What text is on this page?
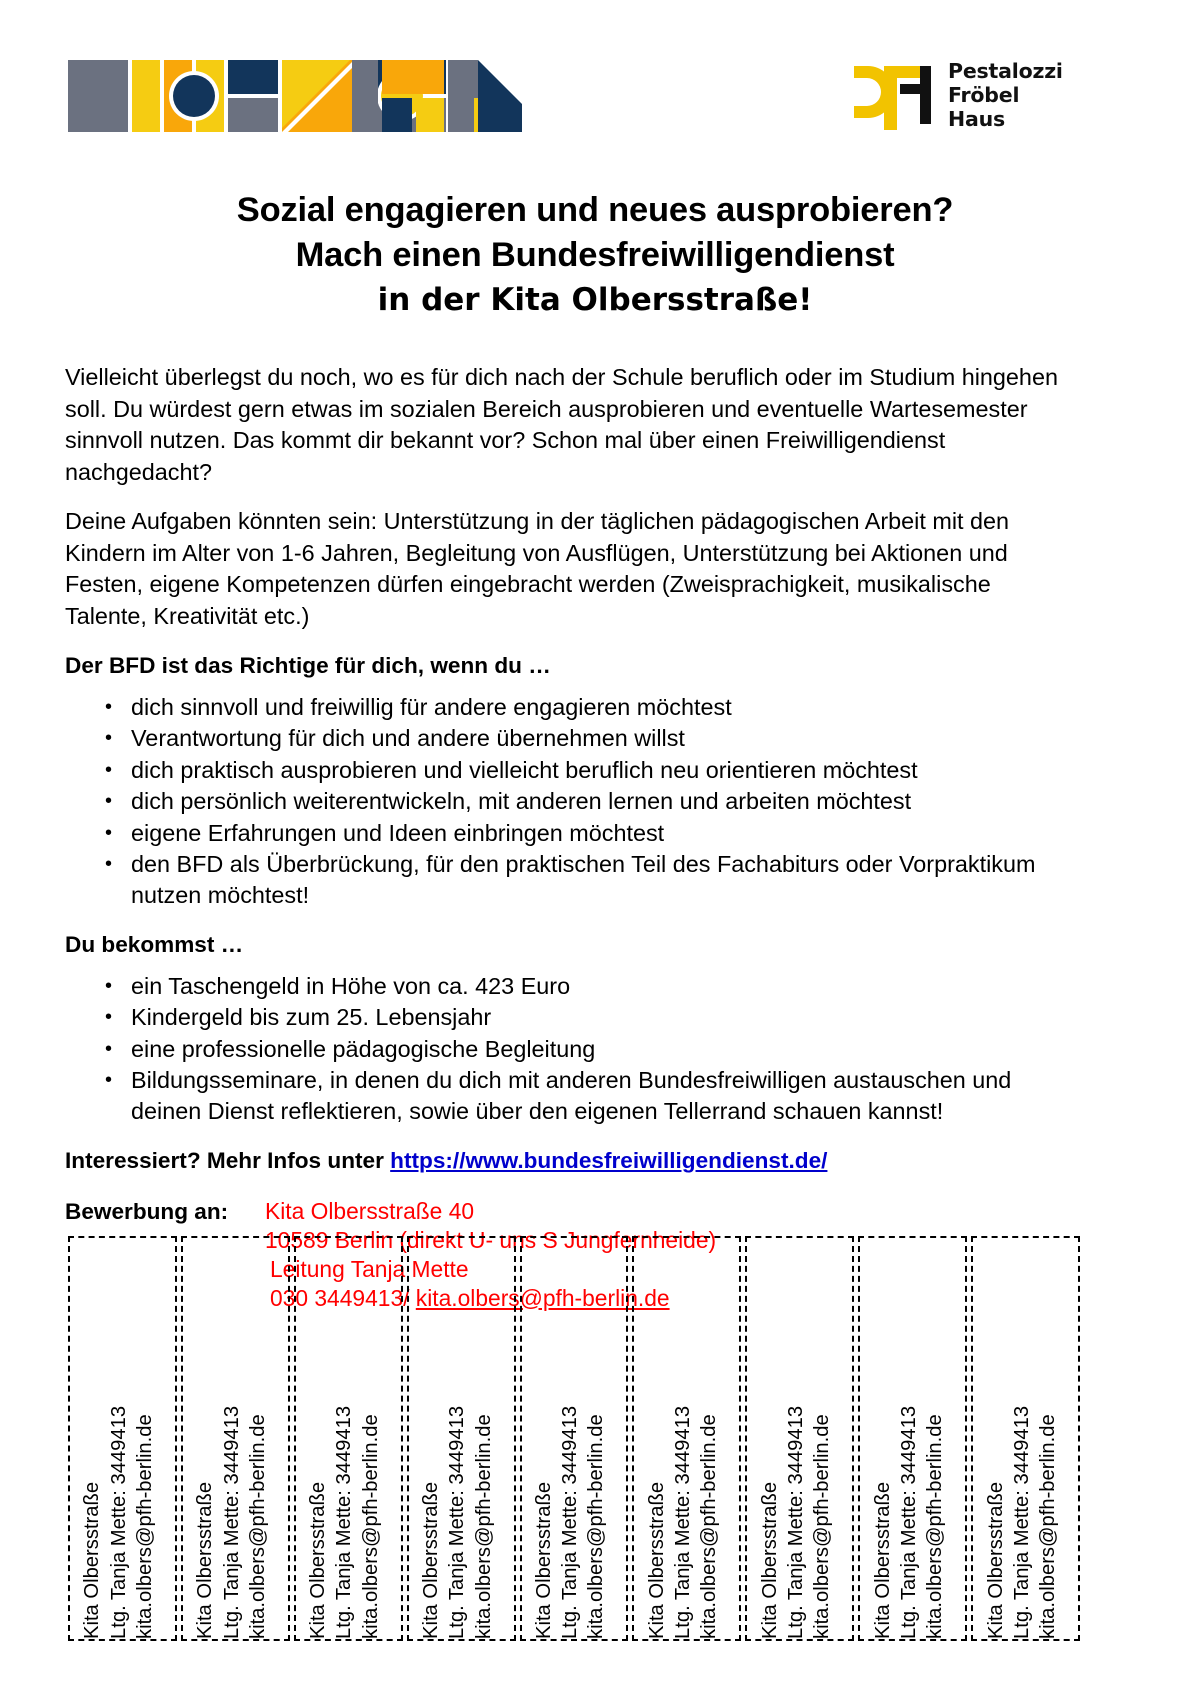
Pestalozzi
Fröbel
Haus
Sozial engagieren und neues ausprobieren?
Mach einen Bundesfreiwilligendienst
in der Kita Olbersstraße!

Vielleicht überlegst du noch, wo es für dich nach der Schule beruflich oder im Studium hingehen soll. Du würdest gern etwas im sozialen Bereich ausprobieren und eventuelle Wartesemester sinnvoll nutzen. Das kommt dir bekannt vor? Schon mal über einen Freiwilligendienst nachgedacht?

Deine Aufgaben könnten sein: Unterstützung in der täglichen pädagogischen Arbeit mit den Kindern im Alter von 1-6 Jahren, Begleitung von Ausflügen, Unterstützung bei Aktionen und Festen, eigene Kompetenzen dürfen eingebracht werden (Zweisprachigkeit, musikalische Talente, Kreativität etc.)

Der BFD ist das Richtige für dich, wenn du …

• dich sinnvoll und freiwillig für andere engagieren möchtest
• Verantwortung für dich und andere übernehmen willst
• dich praktisch ausprobieren und vielleicht beruflich neu orientieren möchtest
• dich persönlich weiterentwickeln, mit anderen lernen und arbeiten möchtest
• eigene Erfahrungen und Ideen einbringen möchtest
• den BFD als Überbrückung, für den praktischen Teil des Fachabiturs oder Vorpraktikum nutzen möchtest!

Du bekommst …

• ein Taschengeld in Höhe von ca. 423 Euro
• Kindergeld bis zum 25. Lebensjahr
• eine professionelle pädagogische Begleitung
• Bildungsseminare, in denen du dich mit anderen Bundesfreiwilligen austauschen und deinen Dienst reflektieren, sowie über den eigenen Tellerrand schauen kannst!

Interessiert? Mehr Infos unter https://www.bundesfreiwilligendienst.de/

Bewerbung an:	Kita Olbersstraße 40
10589 Berlin (direkt U- uns S Jungfernheide)
Leitung Tanja Mette
030 3449413/ kita.olbers@pfh-berlin.de
Kita Olbersstraße Ltg. Tanja Mette: 3449413 kita.olbers@pfh-berlin.de Kita Olbersstraße Ltg. Tanja Mette: 3449413 kita.olbers@pfh-berlin.de Kita Olbersstraße Ltg. Tanja Mette: 3449413 kita.olbers@pfh-berlin.de Kita Olbersstraße Ltg. Tanja Mette: 3449413 kita.olbers@pfh-berlin.de Kita Olbersstraße Ltg. Tanja Mette: 3449413 kita.olbers@pfh-berlin.de Kita Olbersstraße Ltg. Tanja Mette: 3449413 kita.olbers@pfh-berlin.de Kita Olbersstraße Ltg. Tanja Mette: 3449413 kita.olbers@pfh-berlin.de Kita Olbersstraße Ltg. Tanja Mette: 3449413 kita.olbers@pfh-berlin.de Kita Olbersstraße Ltg. Tanja Mette: 3449413 kita.olbers@pfh-berlin.de
